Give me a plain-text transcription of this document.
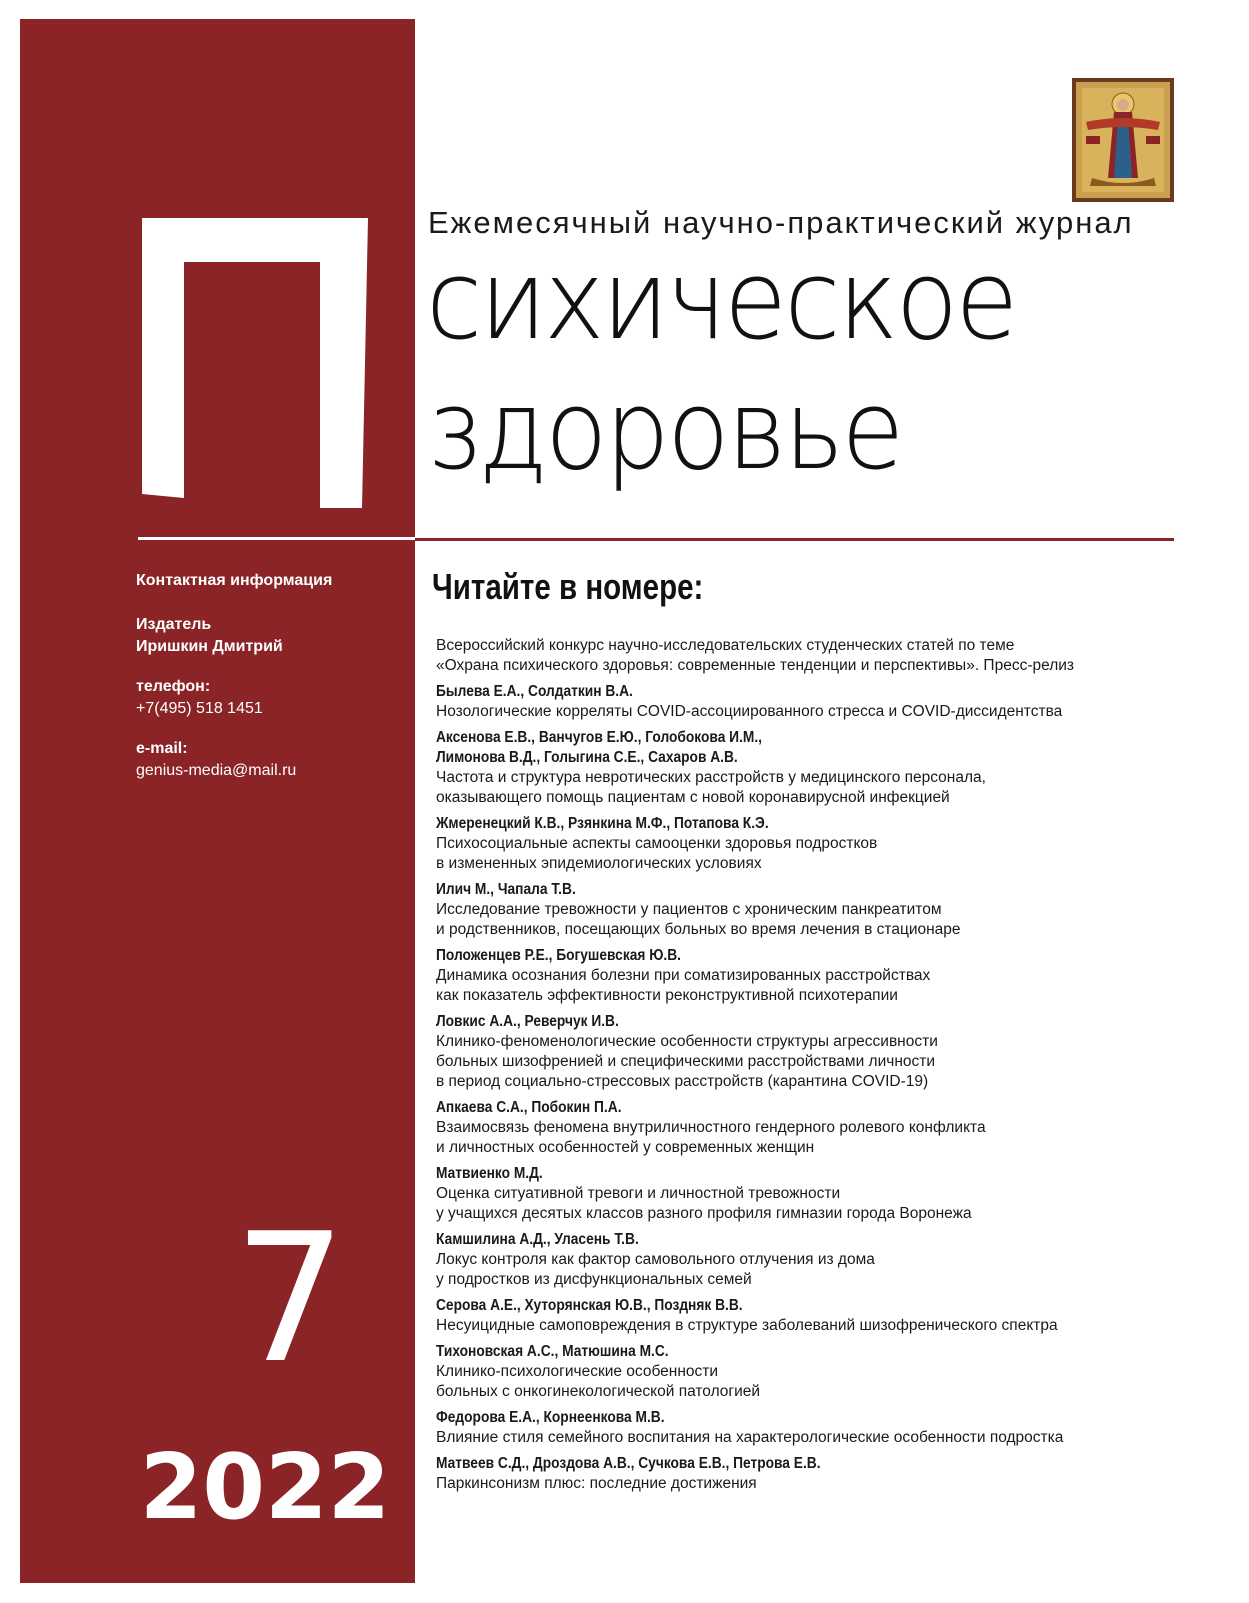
Контактная информация
Издатель
Иришкин Дмитрий
телефон:
+7(495) 518 1451
e-mail:
genius-media@mail.ru
7
2022
Ежемесячный научно-практический журнал
сихическое
здоровье
Читайте в номере:
Всероссийский конкурс научно-исследовательских студенческих статей по теме
«Охрана психического здоровья: современные тенденции и перспективы». Пресс-релиз
Былева Е.А., Солдаткин В.А.
Нозологические корреляты COVID-ассоциированного стресса и COVID-диссидентства
Аксенова Е.В., Ванчугов Е.Ю., Голобокова И.М.,
Лимонова В.Д., Голыгина С.Е., Сахаров А.В.
Частота и структура невротических расстройств у медицинского персонала,
оказывающего помощь пациентам с новой коронавирусной инфекцией
Жмеренецкий К.В., Рзянкина М.Ф., Потапова К.Э.
Психосоциальные аспекты самооценки здоровья подростков
в измененных эпидемиологических условиях
Илич М., Чапала Т.В.
Исследование тревожности у пациентов с хроническим панкреатитом
и родственников, посещающих больных во время лечения в стационаре
Положенцев Р.Е., Богушевская Ю.В.
Динамика осознания болезни при соматизированных расстройствах
как показатель эффективности реконструктивной психотерапии
Ловкис А.А., Реверчук И.В.
Клинико-феноменологические особенности структуры агрессивности
больных шизофренией и специфическими расстройствами личности
в период социально-стрессовых расстройств (карантина COVID-19)
Апкаева С.А., Побокин П.А.
Взаимосвязь феномена внутриличностного гендерного ролевого конфликта
и личностных особенностей у современных женщин
Матвиенко М.Д.
Оценка ситуативной тревоги и личностной тревожности
у учащихся десятых классов разного профиля гимназии города Воронежа
Камшилина А.Д., Уласень Т.В.
Локус контроля как фактор самовольного отлучения из дома
у подростков из дисфункциональных семей
Серова А.Е., Хуторянская Ю.В., Поздняк В.В.
Несуицидные самоповреждения в структуре заболеваний шизофренического спектра
Тихоновская А.С., Матюшина М.С.
Клинико-психологические особенности
больных с онкогинекологической патологией
Федорова Е.А., Корнеенкова М.В.
Влияние стиля семейного воспитания на характерологические особенности подростка
Матвеев С.Д., Дроздова А.В., Сучкова Е.В., Петрова Е.В.
Паркинсонизм плюс: последние достижения
